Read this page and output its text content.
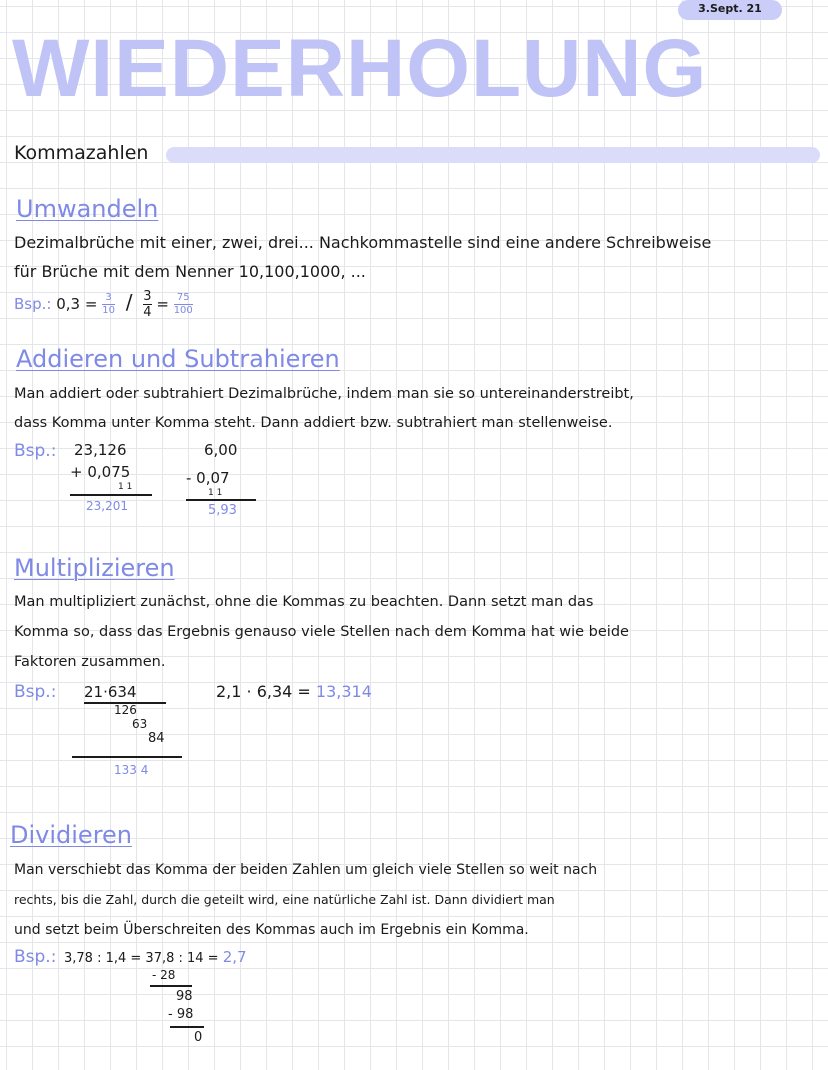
3.Sept. 21
WIEDERHOLUNG
Kommazahlen
Umwandeln
Dezimalbrüche mit einer, zwei, drei... Nachkommastelle sind eine andere Schreibweise
für Brüche mit dem Nenner 10,100,1000, ...
Bsp.: $0,3 = \frac{3}{10} / \frac{3}{4} = \frac{75}{100}$
Addieren und Subtrahieren
Man addiert oder subtrahiert Dezimalbrüche, indem man sie so untereinanderstreibt,
dass Komma unter Komma steht. Dann addiert bzw. subtrahiert man stellenweise.
Bsp.: 23,126
+ 0,075
1 1
23,201
6,00
- 0,07
1 1
5,93
Multiplizieren
Man multipliziert zunächst, ohne die Kommas zu beachten. Dann setzt man das
Komma so, dass das Ergebnis genauso viele Stellen nach dem Komma hat wie beide
Faktoren zusammen.
Bsp.: 21·634
126
63
84
133 4
2,1 · 6,34 = 13,314
Dividieren
Man verschiebt das Komma der beiden Zahlen um gleich viele Stellen so weit nach
rechts, bis die Zahl, durch die geteilt wird, eine natürliche Zahl ist. Dann dividiert man
und setzt beim Überschreiten des Kommas auch im Ergebnis ein Komma.
Bsp.: 3,78 : 1,4 = 37,8 : 14 = 2,7
- 28
98
- 98
0
